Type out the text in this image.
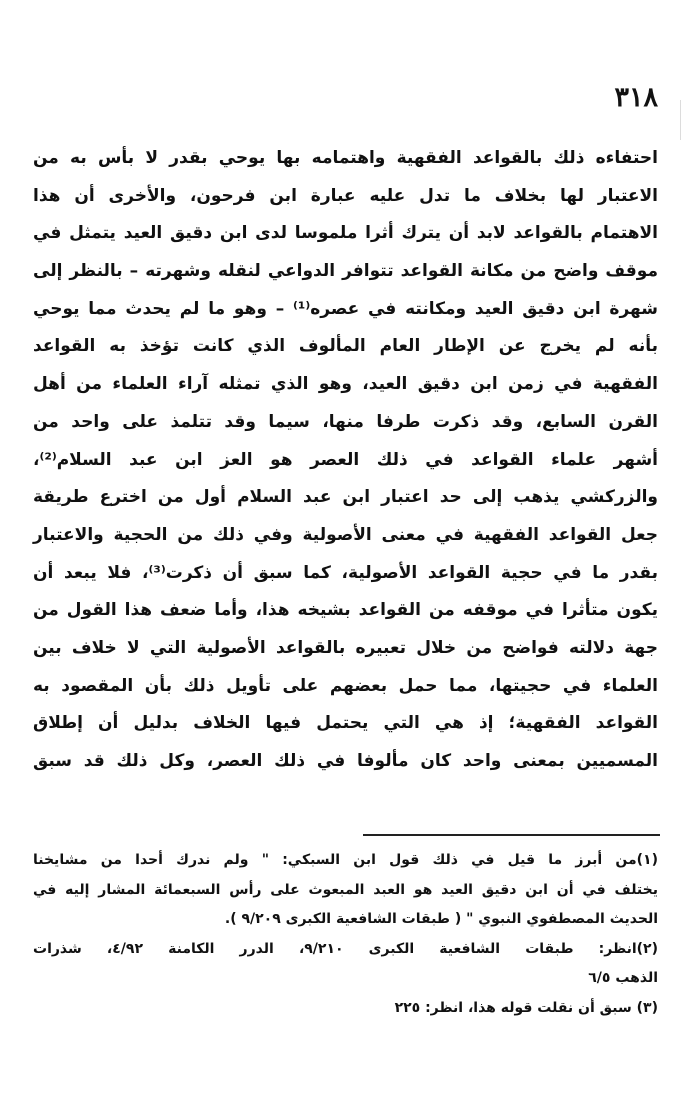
٣١٨
احتفاءه ذلك بالقواعد الفقهية واهتمامه بها يوحي بقدر لا بأس به من
الاعتبار لها بخلاف ما تدل عليه عبارة ابن فرحون، والأخرى أن هذا
الاهتمام بالقواعد لابد أن يترك أثرا ملموسا لدى ابن دقيق العيد يتمثل في
موقف واضح من مكانة القواعد تتوافر الدواعي لنقله وشهرته – بالنظر إلى
شهرة ابن دقيق العيد ومكانته في عصره⁽¹⁾ – وهو ما لم يحدث مما يوحي
بأنه لم يخرج عن الإطار العام المألوف الذي كانت تؤخذ به القواعد
الفقهية في زمن ابن دقيق العيد، وهو الذي تمثله آراء العلماء من أهل
القرن السابع، وقد ذكرت طرفا منها، سيما وقد تتلمذ على واحد من
أشهر علماء القواعد في ذلك العصر هو العز ابن عبد السلام⁽²⁾،
والزركشي يذهب إلى حد اعتبار ابن عبد السلام أول من اخترع طريقة
جعل القواعد الفقهية في معنى الأصولية وفي ذلك من الحجية والاعتبار
بقدر ما في حجية القواعد الأصولية، كما سبق أن ذكرت⁽³⁾، فلا يبعد أن
يكون متأثرا في موقفه من القواعد بشيخه هذا، وأما ضعف هذا القول من
جهة دلالته فواضح من خلال تعبيره بالقواعد الأصولية التي لا خلاف بين
العلماء في حجيتها، مما حمل بعضهم على تأويل ذلك بأن المقصود به
القواعد الفقهية؛ إذ هي التي يحتمل فيها الخلاف بدليل أن إطلاق
المسميين بمعنى واحد كان مألوفا في ذلك العصر، وكل ذلك قد سبق
(١)من أبرز ما قيل في ذلك قول ابن السبكي: " ولم ندرك أحدا من مشايخنا
يختلف في أن ابن دقيق العيد هو العبد المبعوث على رأس السبعمائة المشار إليه في
الحديث المصطفوي النبوي " ( طبقات الشافعية الكبرى ٩/٢٠٩ ).
(٢)انظر: طبقات الشافعية الكبرى ٩/٢١٠، الدرر الكامنة ٤/٩٢، شذرات
الذهب ٦/٥
(٣) سبق أن نقلت قوله هذا، انظر: ٢٢٥
